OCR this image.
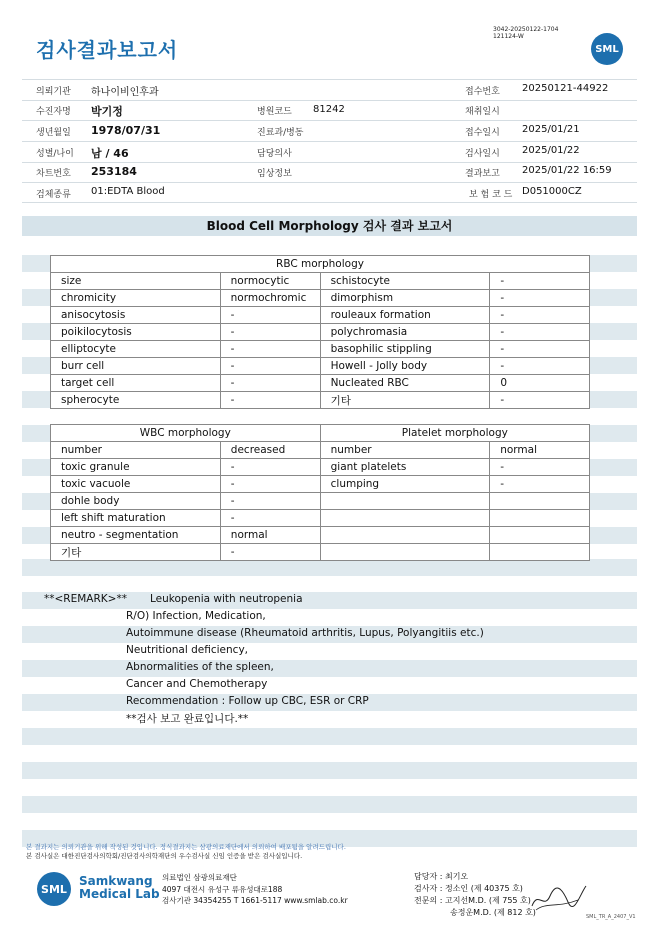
검사결과보고서
3042-20250122-1704
121124-W
SML
의뢰기관 하나이비인후과	접수번호 20250121-44922
수진자명 박기정	병원코드 81242	채취일시
생년월일 1978/07/31	진료과/병동	접수일시 2025/01/21
성별/나이 남 / 46	담당의사	검사일시 2025/01/22
차트번호 253184	임상정보	결과보고 2025/01/22 16:59
검체종류 01:EDTA Blood	보 험 코 드 D051000CZ
Blood Cell Morphology 검사 결과 보고서
RBC morphology			
size	normocytic	schistocyte	-
chromicity	normochromic	dimorphism	-
anisocytosis	-	rouleaux formation	-
poikilocytosis	-	polychromasia	-
elliptocyte	-	basophilic stippling	-
burr cell	-	Howell - Jolly body	-
target cell	-	Nucleated RBC	0
spherocyte	-	기타	-
WBC morphology		Platelet morphology	
number	decreased	number	normal
toxic granule	-	giant platelets	-
toxic vacuole	-	clumping	-
dohle body	-		
left shift maturation	-		
neutro - segmentation	normal		
기타	-		
**<REMARK>** Leukopenia with neutropenia
R/O) Infection, Medication,
Autoimmune disease (Rheumatoid arthritis, Lupus, Polyangitiis etc.)
Neutritional deficiency,
Abnormalities of the spleen,
Cancer and Chemotherapy
Recommendation : Follow up CBC, ESR or CRP
**검사 보고 완료입니다.**
본 결과지는 의뢰기관을 위해 작성된 것입니다. 정식결과지는 삼광의료재단에서 의뢰하여 배포됨을 알려드립니다.
본 검사실은 대한진단검사의학회/진단검사의학재단의 우수검사실 신임 인증을 받은 검사실입니다.
SML
Samkwang
Medical Lab
의료법인 삼광의료재단
4097 대전시 유성구 류유성대로188
검사기관 34354255 T 1661-5117 www.smlab.co.kr
담당자 : 최기오
검사자 : 정소인 (제 40375 호)
전문의 : 고지선M.D. (제 755 호)
송정운M.D. (제 812 호)	SML_TR_A_2407_V1
